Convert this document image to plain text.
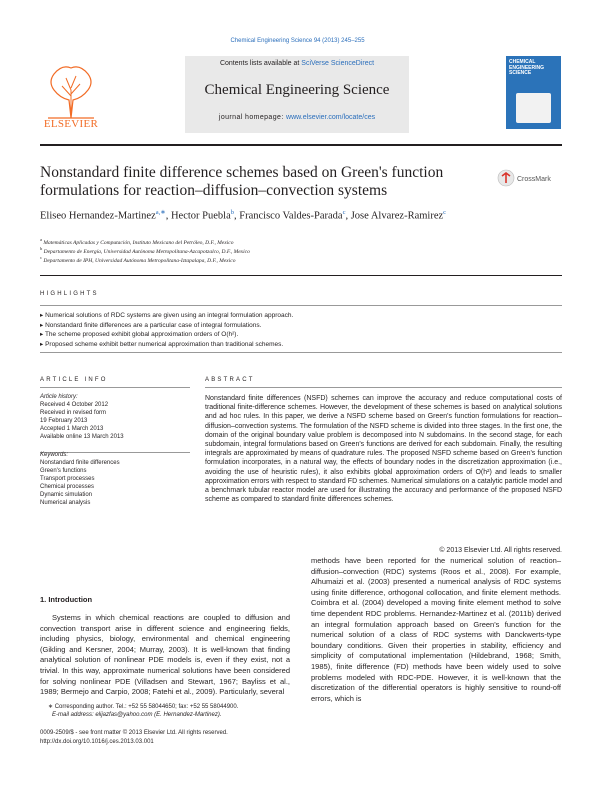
Chemical Engineering Science 94 (2013) 245–255
ELSEVIER
Contents lists available at SciVerse ScienceDirect
Chemical Engineering Science
journal homepage: www.elsevier.com/locate/ces
CHEMICAL ENGINEERING SCIENCE
Nonstandard finite difference schemes based on Green's function formulations for reaction–diffusion–convection systems
CrossMark
Eliseo Hernandez-Martinez$^{a,∗}$, Hector Puebla$^b$, Francisco Valdes-Parada$^c$, Jose Alvarez-Ramirez$^c$
$^a$ Matemáticas Aplicadas y Computación, Instituto Mexicano del Petróleo, D.F., Mexico
$^b$ Departamento de Energía, Universidad Autónoma Metropolitana-Azcapotzalco, D.F., Mexico
$^c$ Departamento de IPH, Universidad Autónoma Metropolitana-Iztapalapa, D.F., Mexico
HIGHLIGHTS
▸ Numerical solutions of RDC systems are given using an integral formulation approach.
▸ Nonstandard finite differences are a particular case of integral formulations.
▸ The scheme proposed exhibit global approximation orders of O(h²).
▸ Proposed scheme exhibit better numerical approximation than traditional schemes.
ARTICLE INFO
Article history:
Received 4 October 2012
Received in revised form
19 February 2013
Accepted 1 March 2013
Available online 13 March 2013
Keywords:
Nonstandard finite differences
Green's functions
Transport processes
Chemical processes
Dynamic simulation
Numerical analysis
ABSTRACT
Nonstandard finite differences (NSFD) schemes can improve the accuracy and reduce computational costs of traditional finite-difference schemes. However, the development of these schemes is based on analytical solutions and ad hoc rules. In this paper, we derive a NSFD scheme based on Green's function formulations for reaction–diffusion–convection systems. The formulation of the NSFD scheme is divided into three stages. In the first one, the domain of the original boundary value problem is decomposed into N subdomains. In the second stage, for each subdomain, integral formulations based on Green's functions are derived for each subdomain. Finally, the resulting integrals are approximated by means of quadrature rules. The proposed NSFD scheme based on Green's function formulation incorporates, in a natural way, the effects of boundary nodes in the discretization approximation (i.e., avoiding the use of heuristic rules), it also exhibits global approximation orders of O(h²) and leads to smaller approximation errors with respect to standard FD schemes. Numerical simulations on a catalytic particle model and a benchmark tubular reactor model are used for illustrating the accuracy and performance of the proposed NSFD scheme as compared to standard finite differences schemes.
© 2013 Elsevier Ltd. All rights reserved.
1. Introduction
Systems in which chemical reactions are coupled to diffusion and convection transport arise in different science and engineering fields, including physics, biology, environmental and chemical engineering (Gikling and Kersner, 2004; Murray, 2003). It is well-known that finding analytical solution of nonlinear PDE models is, even if they exist, not a trivial. In this way, approximate numerical solutions have been considered for solving nonlinear PDE (Villadsen and Stewart, 1967; Bayliss et al., 1989; Bermejo and Carpio, 2008; Fatehi et al., 2009). Particularly, several
methods have been reported for the numerical solution of reaction–diffusion–convection (RDC) systems (Roos et al., 2008). For example, Alhumaizi et al. (2003) presented a numerical analysis of RDC systems using finite difference, orthogonal collocation, and finite element methods. Coimbra et al. (2004) developed a moving finite element method to solve time dependent RDC problems. Hernandez-Martinez et al. (2011b) derived an integral formulation approach based on Green's function for the numerical solution of a class of RDC systems with Danckwerts-type boundary conditions. Given their properties in stability, efficiency and simplicity of computational implementation (Hildebrand, 1968; Smith, 1985), finite difference (FD) methods have been widely used to solve problems modeled with RDC-PDE. However, it is well-known that the discretization of the differential operators is highly sensitive to round-off errors, which is
∗ Corresponding author. Tel.: +52 55 58044650; fax: +52 55 58044900.
E-mail address: elijazfas@yahoo.com (E. Hernandez-Martinez).
0009-2509/$ - see front matter © 2013 Elsevier Ltd. All rights reserved.
http://dx.doi.org/10.1016/j.ces.2013.03.001
